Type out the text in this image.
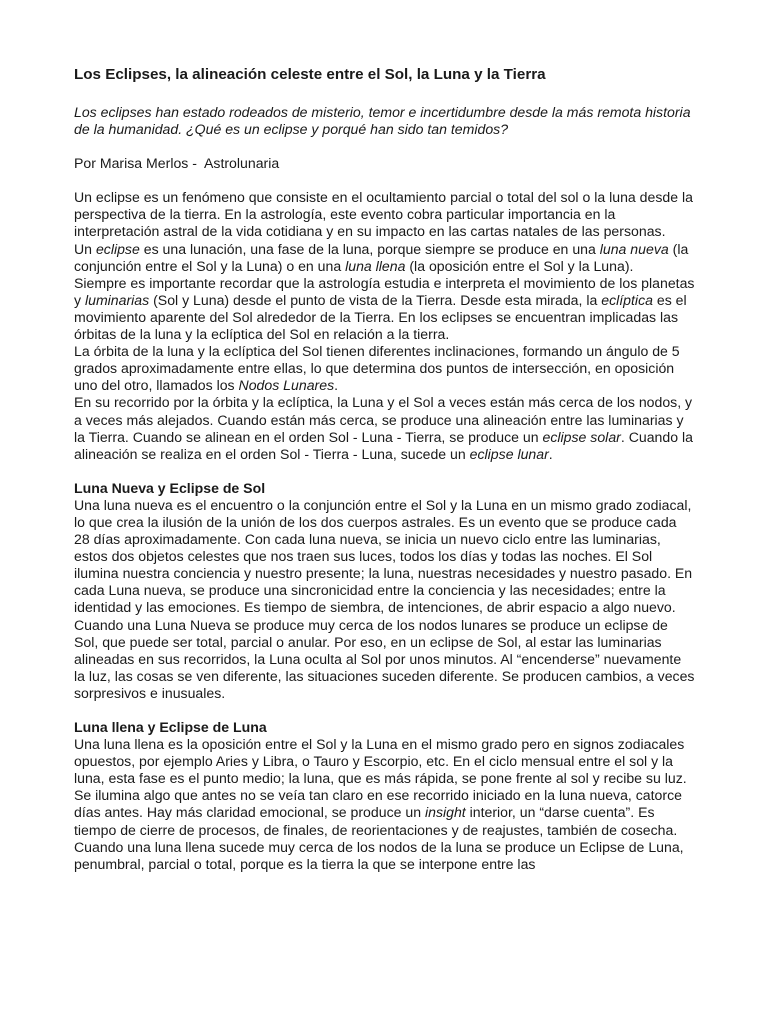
Los Eclipses, la alineación celeste entre el Sol, la Luna y la Tierra
Los eclipses han estado rodeados de misterio, temor e incertidumbre desde la más remota historia de la humanidad. ¿Qué es un eclipse y porqué han sido tan temidos?
Por Marisa Merlos -  Astrolunaria
Un eclipse es un fenómeno que consiste en el ocultamiento parcial o total del sol o la luna desde la perspectiva de la tierra. En la astrología, este evento cobra particular importancia en la interpretación astral de la vida cotidiana y en su impacto en las cartas natales de las personas.
Un eclipse es una lunación, una fase de la luna, porque siempre se produce en una luna nueva (la conjunción entre el Sol y la Luna) o en una luna llena (la oposición entre el Sol y la Luna).
Siempre es importante recordar que la astrología estudia e interpreta el movimiento de los planetas y luminarias (Sol y Luna) desde el punto de vista de la Tierra. Desde esta mirada, la eclíptica es el movimiento aparente del Sol alrededor de la Tierra. En los eclipses se encuentran implicadas las órbitas de la luna y la eclíptica del Sol en relación a la tierra.
La órbita de la luna y la eclíptica del Sol tienen diferentes inclinaciones, formando un ángulo de 5 grados aproximadamente entre ellas, lo que determina dos puntos de intersección, en oposición uno del otro, llamados los Nodos Lunares.
En su recorrido por la órbita y la eclíptica, la Luna y el Sol a veces están más cerca de los nodos, y a veces más alejados. Cuando están más cerca, se produce una alineación entre las luminarias y la Tierra. Cuando se alinean en el orden Sol - Luna - Tierra, se produce un eclipse solar. Cuando la alineación se realiza en el orden Sol - Tierra - Luna, sucede un eclipse lunar.
Luna Nueva y Eclipse de Sol
Una luna nueva es el encuentro o la conjunción entre el Sol y la Luna en un mismo grado zodiacal, lo que crea la ilusión de la unión de los dos cuerpos astrales. Es un evento que se produce cada 28 días aproximadamente. Con cada luna nueva, se inicia un nuevo ciclo entre las luminarias, estos dos objetos celestes que nos traen sus luces, todos los días y todas las noches. El Sol ilumina nuestra conciencia y nuestro presente; la luna, nuestras necesidades y nuestro pasado. En cada Luna nueva, se produce una sincronicidad entre la conciencia y las necesidades; entre la identidad y las emociones. Es tiempo de siembra, de intenciones, de abrir espacio a algo nuevo.
Cuando una Luna Nueva se produce muy cerca de los nodos lunares se produce un eclipse de Sol, que puede ser total, parcial o anular. Por eso, en un eclipse de Sol, al estar las luminarias alineadas en sus recorridos, la Luna oculta al Sol por unos minutos. Al “encenderse” nuevamente la luz, las cosas se ven diferente, las situaciones suceden diferente. Se producen cambios, a veces sorpresivos e inusuales.
Luna llena y Eclipse de Luna
Una luna llena es la oposición entre el Sol y la Luna en el mismo grado pero en signos zodiacales opuestos, por ejemplo Aries y Libra, o Tauro y Escorpio, etc. En el ciclo mensual entre el sol y la luna, esta fase es el punto medio; la luna, que es más rápida, se pone frente al sol y recibe su luz. Se ilumina algo que antes no se veía tan claro en ese recorrido iniciado en la luna nueva, catorce días antes. Hay más claridad emocional, se produce un insight interior, un “darse cuenta”. Es tiempo de cierre de procesos, de finales, de reorientaciones y de reajustes, también de cosecha.
Cuando una luna llena sucede muy cerca de los nodos de la luna se produce un Eclipse de Luna, penumbral, parcial o total, porque es la tierra la que se interpone entre las
